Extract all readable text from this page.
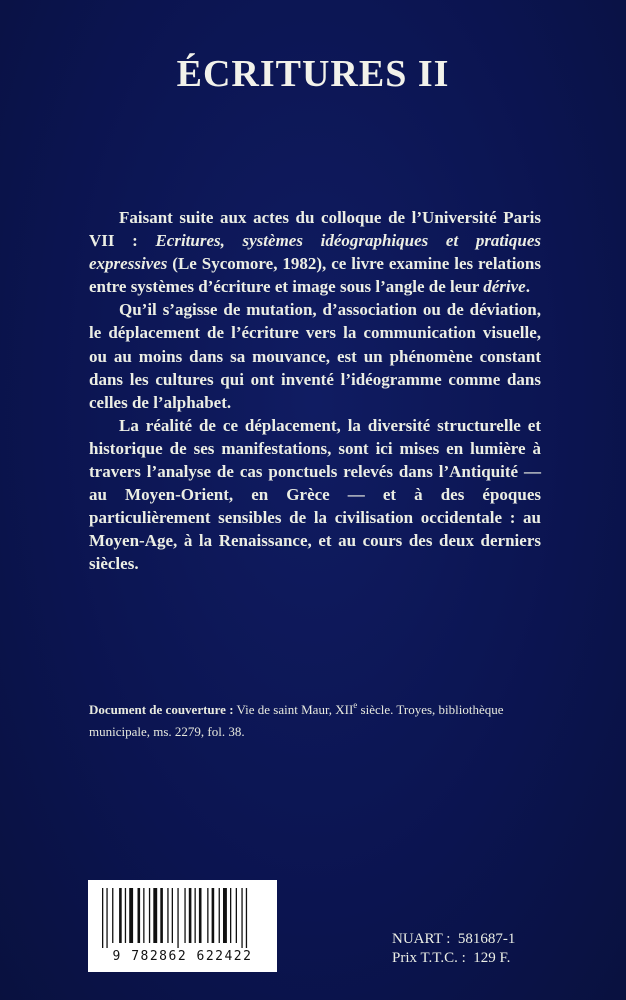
ÉCRITURES II

Faisant suite aux actes du colloque de l’Université Paris VII : Ecritures, systèmes idéographiques et pratiques expressives (Le Sycomore, 1982), ce livre examine les relations entre systèmes d’écriture et image sous l’angle de leur dérive.

Qu’il s’agisse de mutation, d’association ou de déviation, le déplacement de l’écriture vers la communication visuelle, ou au moins dans sa mouvance, est un phénomène constant dans les cultures qui ont inventé l’idéogramme comme dans celles de l’alphabet.

La réalité de ce déplacement, la diversité structurelle et historique de ses manifestations, sont ici mises en lumière à travers l’analyse de cas ponctuels relevés dans l’Antiquité — au Moyen-Orient, en Grèce — et à des époques particulièrement sensibles de la civilisation occidentale : au Moyen-Age, à la Renaissance, et au cours des deux derniers siècles.

Document de couverture : Vie de saint Maur, XIIe siècle. Troyes, bibliothèque municipale, ms. 2279, fol. 38.
9 782862 622422
NUART : 581687-1
Prix T.T.C. : 129 F.
